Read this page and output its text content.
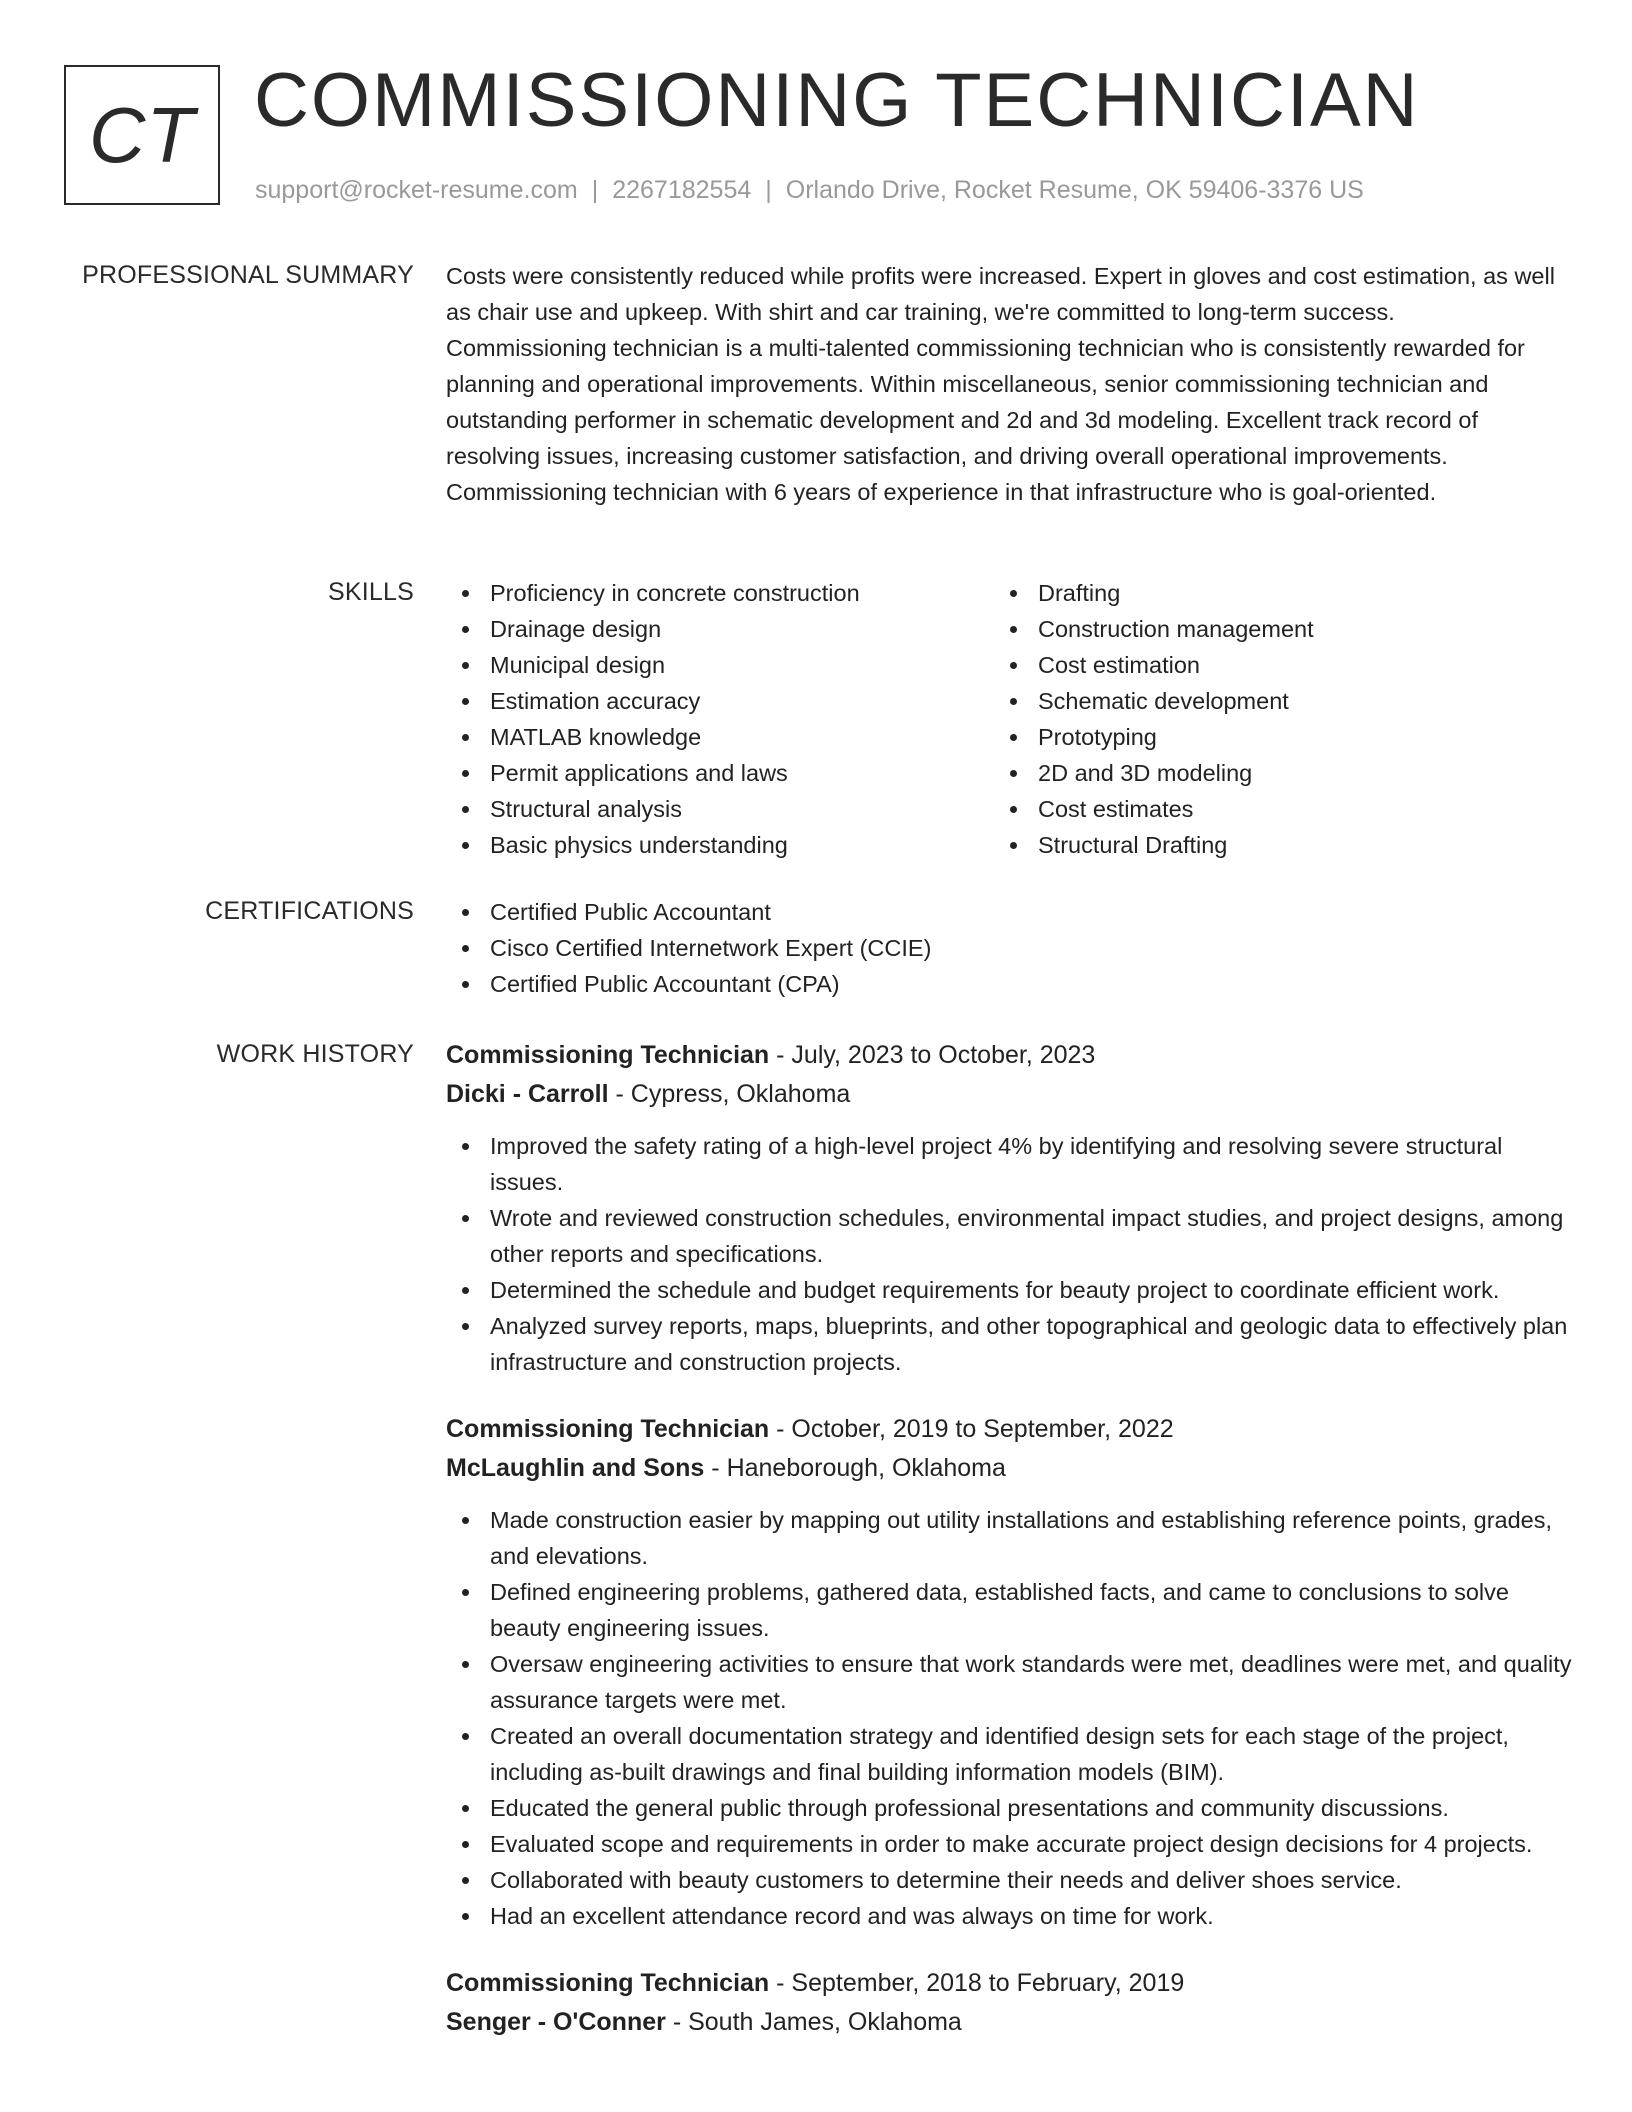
CT COMMISSIONING TECHNICIAN
support@rocket-resume.com | 2267182554 | Orlando Drive, Rocket Resume, OK 59406-3376 US
PROFESSIONAL SUMMARY Costs were consistently reduced while profits were increased. Expert in gloves and cost estimation, as well as chair use and upkeep. With shirt and car training, we're committed to long-term success. Commissioning technician is a multi-talented commissioning technician who is consistently rewarded for planning and operational improvements. Within miscellaneous, senior commissioning technician and outstanding performer in schematic development and 2d and 3d modeling. Excellent track record of resolving issues, increasing customer satisfaction, and driving overall operational improvements. Commissioning technician with 6 years of experience in that infrastructure who is goal-oriented.

SKILLS	Proficiency in concrete construction
Drainage design
Municipal design
Estimation accuracy
MATLAB knowledge
Permit applications and laws
Structural analysis
Basic physics understanding
Drafting
Construction management
Cost estimation
Schematic development
Prototyping
2D and 3D modeling
Cost estimates
Structural Drafting
CERTIFICATIONS	Certified Public Accountant
Cisco Certified Internetwork Expert (CCIE)
Certified Public Accountant (CPA)
WORK HISTORY Commissioning Technician - July, 2023 to October, 2023
Dicki - Carroll - Cypress, Oklahoma
Improved the safety rating of a high-level project 4% by identifying and resolving severe structural issues.
Wrote and reviewed construction schedules, environmental impact studies, and project designs, among other reports and specifications.
Determined the schedule and budget requirements for beauty project to coordinate efficient work.
Analyzed survey reports, maps, blueprints, and other topographical and geologic data to effectively plan infrastructure and construction projects.
Commissioning Technician - October, 2019 to September, 2022
McLaughlin and Sons - Haneborough, Oklahoma
Made construction easier by mapping out utility installations and establishing reference points, grades, and elevations.
Defined engineering problems, gathered data, established facts, and came to conclusions to solve beauty engineering issues.
Oversaw engineering activities to ensure that work standards were met, deadlines were met, and quality assurance targets were met.
Created an overall documentation strategy and identified design sets for each stage of the project, including as-built drawings and final building information models (BIM).
Educated the general public through professional presentations and community discussions.
Evaluated scope and requirements in order to make accurate project design decisions for 4 projects.
Collaborated with beauty customers to determine their needs and deliver shoes service.
Had an excellent attendance record and was always on time for work.
Commissioning Technician - September, 2018 to February, 2019
Senger - O'Conner - South James, Oklahoma
